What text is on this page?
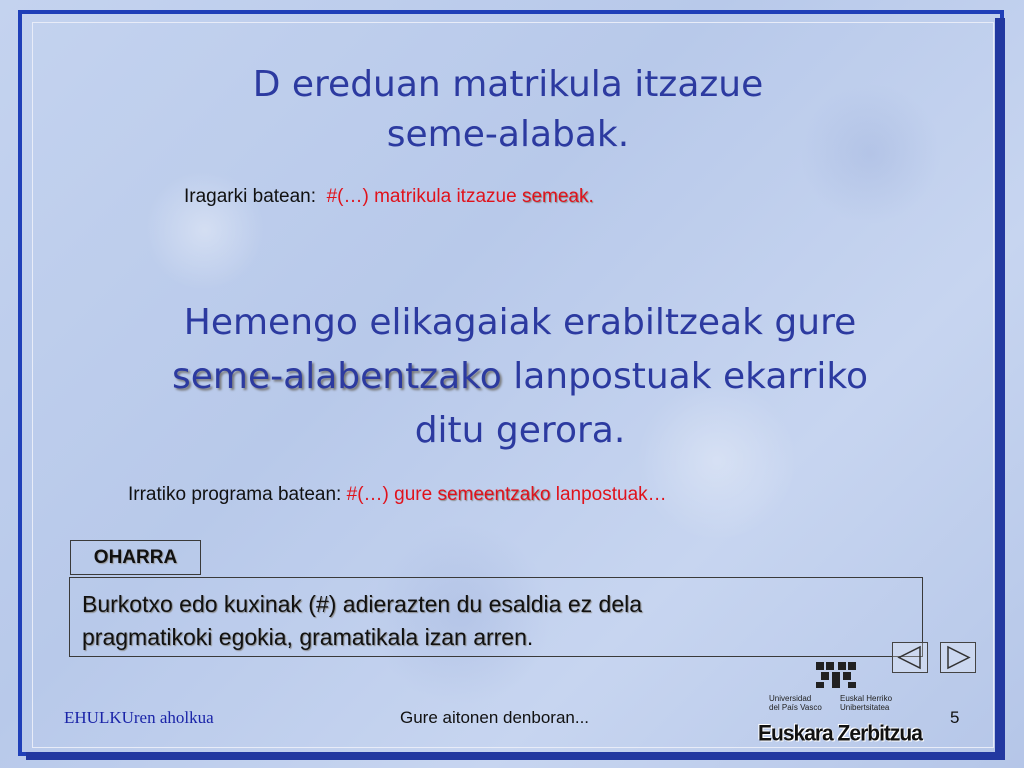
D ereduan matrikula itzazue
seme-alabak.
Iragarki batean: #(…) matrikula itzazue semeak.
Hemengo elikagaiak erabiltzeak gure
seme-alabentzako lanpostuak ekarriko
ditu gerora.
Irratiko programa batean: #(…) gure semeentzako lanpostuak…
OHARRA
Burkotxo edo kuxinak (#) adierazten du esaldia ez dela
pragmatikoki egokia, gramatikala izan arren.
Universidad
del País Vasco
Euskal Herriko
Unibertsitatea
Euskara Zerbitzua
EHULKUren aholkua	Gure aitonen denboran...	5
